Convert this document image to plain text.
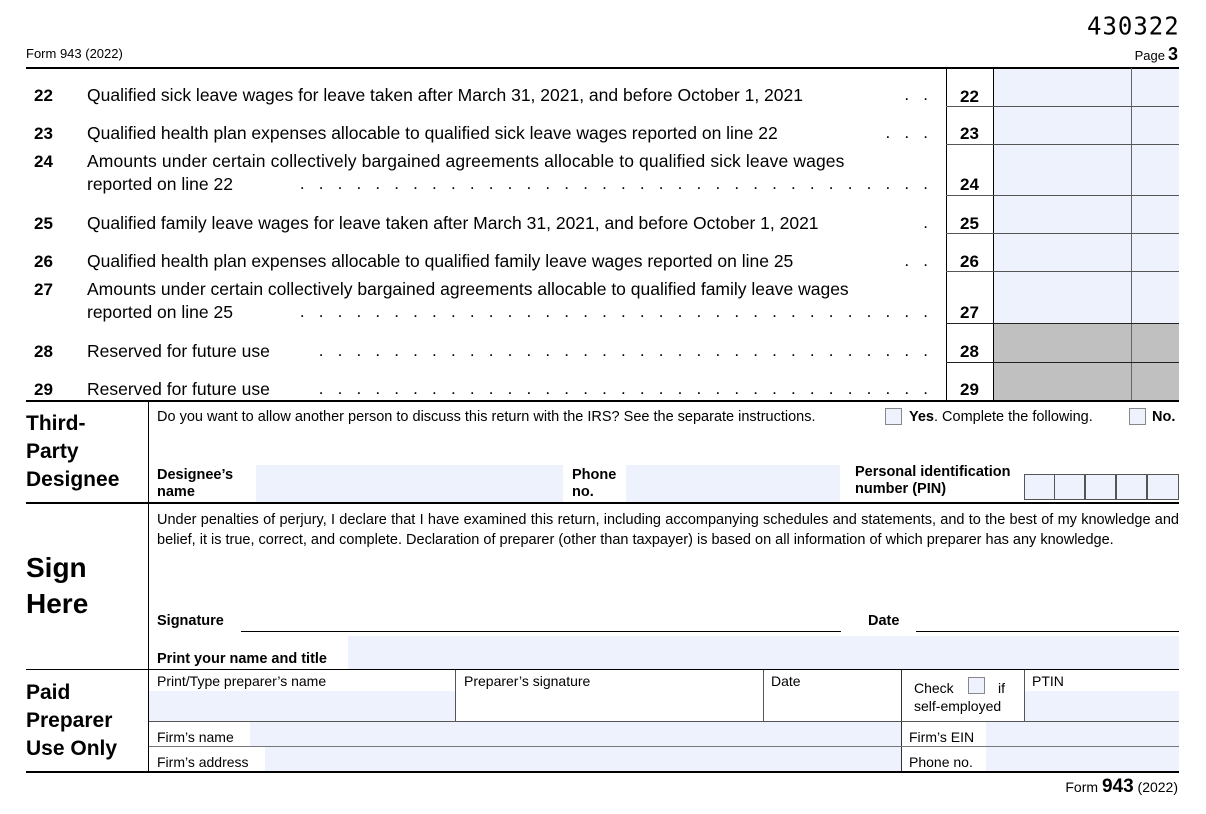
430322
Form 943 (2022)	Page 3
22 Qualified sick leave wages for leave taken after March 31, 2021, and before October 1, 2021	.   . 22
23 Qualified health plan expenses allocable to qualified sick leave wages reported on line 22	.   .   . 23
24 Amounts under certain collectively bargained agreements allocable to qualified sick leave wages
reported on line 22	.   .   .   .   .   .   .   .   .   .   .   .   .   .   .   .   .   .   .   .   .   .   .   .   .   .   .   .   .   .   .   .   .   . 24
25 Qualified family leave wages for leave taken after March 31, 2021, and before October 1, 2021	. 25
26 Qualified health plan expenses allocable to qualified family leave wages reported on line 25	.   . 26
27 Amounts under certain collectively bargained agreements allocable to qualified family leave wages
reported on line 25	.   .   .   .   .   .   .   .   .   .   .   .   .   .   .   .   .   .   .   .   .   .   .   .   .   .   .   .   .   .   .   .   .   . 27
28 Reserved for future use	.   .   .   .   .   .   .   .   .   .   .   .   .   .   .   .   .   .   .   .   .   .   .   .   .   .   .   .   .   .   .   .   . 28
29 Reserved for future use	.   .   .   .   .   .   .   .   .   .   .   .   .   .   .   .   .   .   .   .   .   .   .   .   .   .   .   .   .   .   .   .   . 29
Third-
Party
Designee
Do you want to allow another person to discuss this return with the IRS? See the separate instructions.	Yes. Complete the following.	No.
Designee’s
name
Phone
no.
Personal identification
number (PIN)
Sign
Here
Under penalties of perjury, I declare that I have examined this return, including accompanying schedules and statements, and to the best of my knowledge and belief, it is true, correct, and complete. Declaration of preparer (other than taxpayer) is based on all information of which preparer has any knowledge.
Signature	Date
Print your name and title
Paid
Preparer
Use Only
Print/Type preparer’s name	Preparer’s signature	Date	Check	if
self-employed
PTIN
Firm’s name	Firm’s EIN
Firm’s address	Phone no.
Form 943 (2022)
